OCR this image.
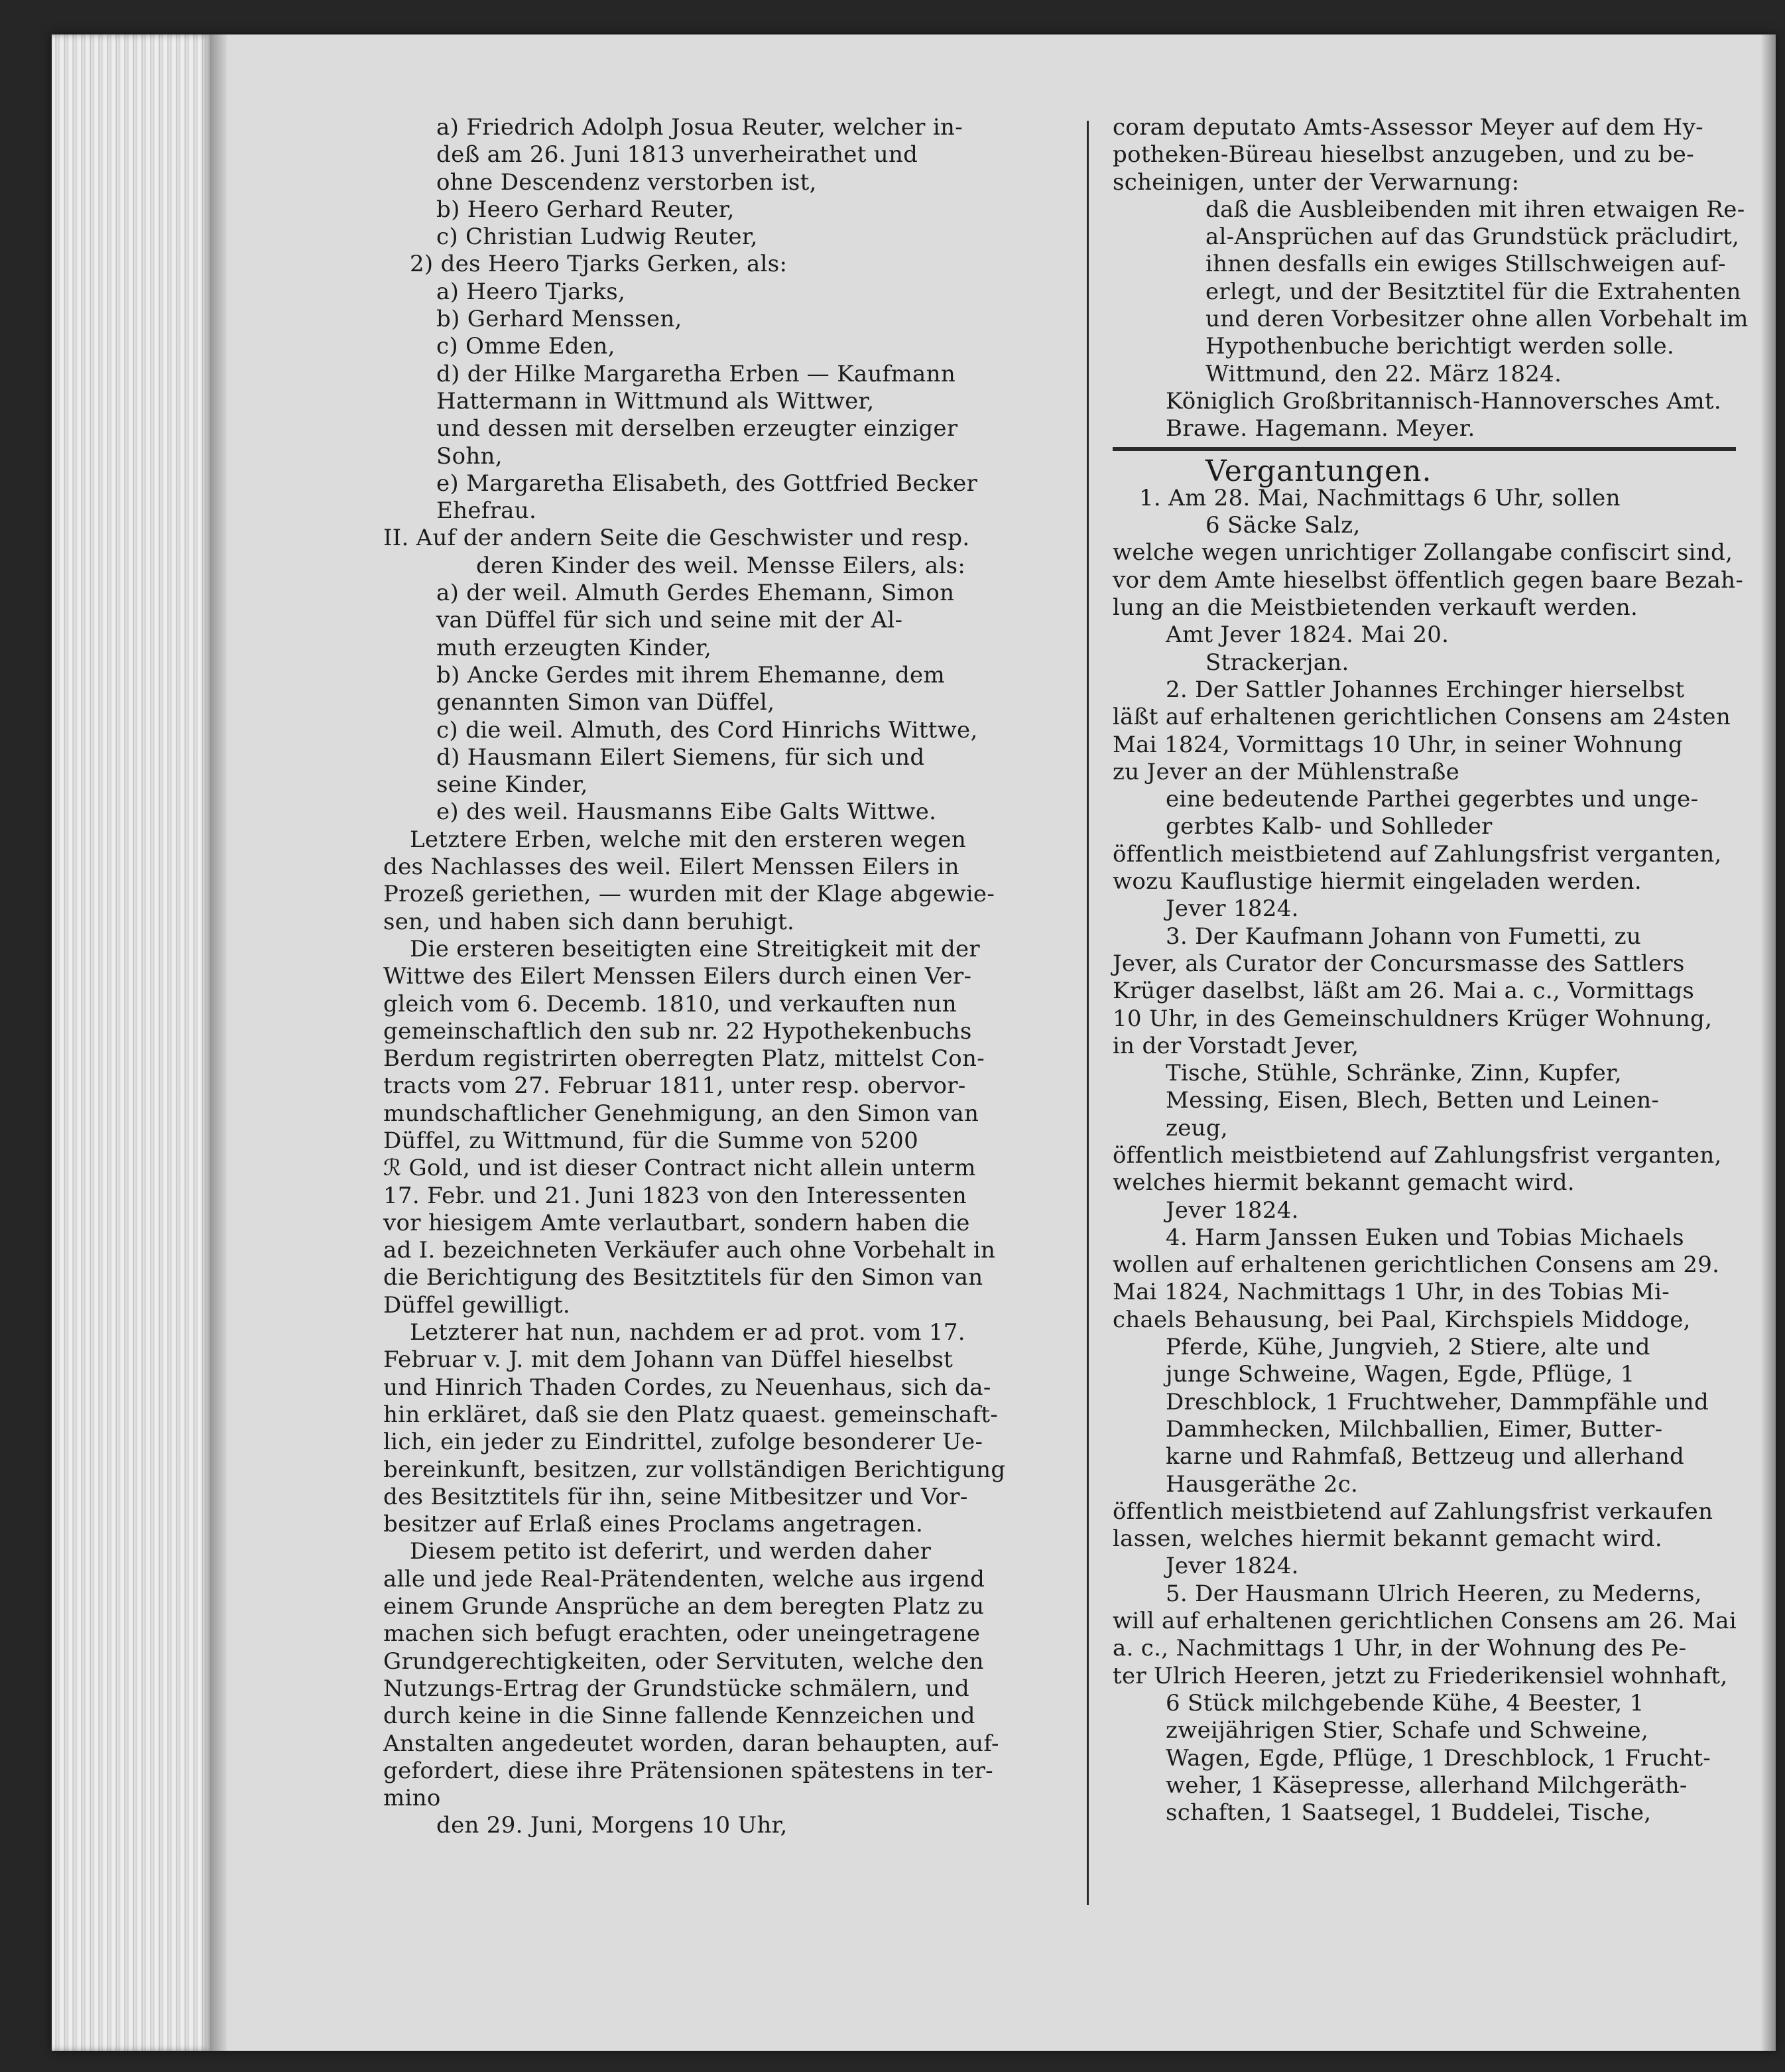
a) Friedrich Adolph Josua Reuter, welcher in-
deß am 26. Juni 1813 unverheirathet und
ohne Descendenz verstorben ist,
b) Heero Gerhard Reuter,
c) Christian Ludwig Reuter,
2) des Heero Tjarks Gerken, als:
a) Heero Tjarks,
b) Gerhard Menssen,
c) Omme Eden,
d) der Hilke Margaretha Erben — Kaufmann
Hattermann in Wittmund als Wittwer,
und dessen mit derselben erzeugter einziger
Sohn,
e) Margaretha Elisabeth, des Gottfried Becker
Ehefrau.
II. Auf der andern Seite die Geschwister und resp.
deren Kinder des weil. Mensse Eilers, als:
a) der weil. Almuth Gerdes Ehemann, Simon
van Düffel für sich und seine mit der Al-
muth erzeugten Kinder,
b) Ancke Gerdes mit ihrem Ehemanne, dem
genannten Simon van Düffel,
c) die weil. Almuth, des Cord Hinrichs Wittwe,
d) Hausmann Eilert Siemens, für sich und
seine Kinder,
e) des weil. Hausmanns Eibe Galts Wittwe.
Letztere Erben, welche mit den ersteren wegen
des Nachlasses des weil. Eilert Menssen Eilers in
Prozeß geriethen, — wurden mit der Klage abgewie-
sen, und haben sich dann beruhigt.
Die ersteren beseitigten eine Streitigkeit mit der
Wittwe des Eilert Menssen Eilers durch einen Ver-
gleich vom 6. Decemb. 1810, und verkauften nun
gemeinschaftlich den sub nr. 22 Hypothekenbuchs
Berdum registrirten oberregten Platz, mittelst Con-
tracts vom 27. Februar 1811, unter resp. obervor-
mundschaftlicher Genehmigung, an den Simon van
Düffel, zu Wittmund, für die Summe von 5200
ℛ Gold, und ist dieser Contract nicht allein unterm
17. Febr. und 21. Juni 1823 von den Interessenten
vor hiesigem Amte verlautbart, sondern haben die
ad I. bezeichneten Verkäufer auch ohne Vorbehalt in
die Berichtigung des Besitztitels für den Simon van
Düffel gewilligt.
Letzterer hat nun, nachdem er ad prot. vom 17.
Februar v. J. mit dem Johann van Düffel hieselbst
und Hinrich Thaden Cordes, zu Neuenhaus, sich da-
hin erkläret, daß sie den Platz quaest. gemeinschaft-
lich, ein jeder zu Eindrittel, zufolge besonderer Ue-
bereinkunft, besitzen, zur vollständigen Berichtigung
des Besitztitels für ihn, seine Mitbesitzer und Vor-
besitzer auf Erlaß eines Proclams angetragen.
Diesem petito ist deferirt, und werden daher
alle und jede Real-Prätendenten, welche aus irgend
einem Grunde Ansprüche an dem beregten Platz zu
machen sich befugt erachten, oder uneingetragene
Grundgerechtigkeiten, oder Servituten, welche den
Nutzungs-Ertrag der Grundstücke schmälern, und
durch keine in die Sinne fallende Kennzeichen und
Anstalten angedeutet worden, daran behaupten, auf-
gefordert, diese ihre Prätensionen spätestens in ter-
mino
den 29. Juni, Morgens 10 Uhr,
coram deputato Amts-Assessor Meyer auf dem Hy-
potheken-Büreau hieselbst anzugeben, und zu be-
scheinigen, unter der Verwarnung:
daß die Ausbleibenden mit ihren etwaigen Re-
al-Ansprüchen auf das Grundstück präcludirt,
ihnen desfalls ein ewiges Stillschweigen auf-
erlegt, und der Besitztitel für die Extrahenten
und deren Vorbesitzer ohne allen Vorbehalt im
Hypothenbuche berichtigt werden solle.
Wittmund, den 22. März 1824.
Königlich Großbritannisch-Hannoversches Amt.
Brawe. Hagemann. Meyer.
Vergantungen.
1. Am 28. Mai, Nachmittags 6 Uhr, sollen
6 Säcke Salz,
welche wegen unrichtiger Zollangabe confiscirt sind,
vor dem Amte hieselbst öffentlich gegen baare Bezah-
lung an die Meistbietenden verkauft werden.
Amt Jever 1824. Mai 20.
Strackerjan.
2. Der Sattler Johannes Erchinger hierselbst
läßt auf erhaltenen gerichtlichen Consens am 24sten
Mai 1824, Vormittags 10 Uhr, in seiner Wohnung
zu Jever an der Mühlenstraße
eine bedeutende Parthei gegerbtes und unge-
gerbtes Kalb- und Sohlleder
öffentlich meistbietend auf Zahlungsfrist verganten,
wozu Kauflustige hiermit eingeladen werden.
Jever 1824.
3. Der Kaufmann Johann von Fumetti, zu
Jever, als Curator der Concursmasse des Sattlers
Krüger daselbst, läßt am 26. Mai a. c., Vormittags
10 Uhr, in des Gemeinschuldners Krüger Wohnung,
in der Vorstadt Jever,
Tische, Stühle, Schränke, Zinn, Kupfer,
Messing, Eisen, Blech, Betten und Leinen-
zeug,
öffentlich meistbietend auf Zahlungsfrist verganten,
welches hiermit bekannt gemacht wird.
Jever 1824.
4. Harm Janssen Euken und Tobias Michaels
wollen auf erhaltenen gerichtlichen Consens am 29.
Mai 1824, Nachmittags 1 Uhr, in des Tobias Mi-
chaels Behausung, bei Paal, Kirchspiels Middoge,
Pferde, Kühe, Jungvieh, 2 Stiere, alte und
junge Schweine, Wagen, Egde, Pflüge, 1
Dreschblock, 1 Fruchtweher, Dammpfähle und
Dammhecken, Milchballien, Eimer, Butter-
karne und Rahmfaß, Bettzeug und allerhand
Hausgeräthe 2c.
öffentlich meistbietend auf Zahlungsfrist verkaufen
lassen, welches hiermit bekannt gemacht wird.
Jever 1824.
5. Der Hausmann Ulrich Heeren, zu Mederns,
will auf erhaltenen gerichtlichen Consens am 26. Mai
a. c., Nachmittags 1 Uhr, in der Wohnung des Pe-
ter Ulrich Heeren, jetzt zu Friederikensiel wohnhaft,
6 Stück milchgebende Kühe, 4 Beester, 1
zweijährigen Stier, Schafe und Schweine,
Wagen, Egde, Pflüge, 1 Dreschblock, 1 Frucht-
weher, 1 Käsepresse, allerhand Milchgeräth-
schaften, 1 Saatsegel, 1 Buddelei, Tische,
